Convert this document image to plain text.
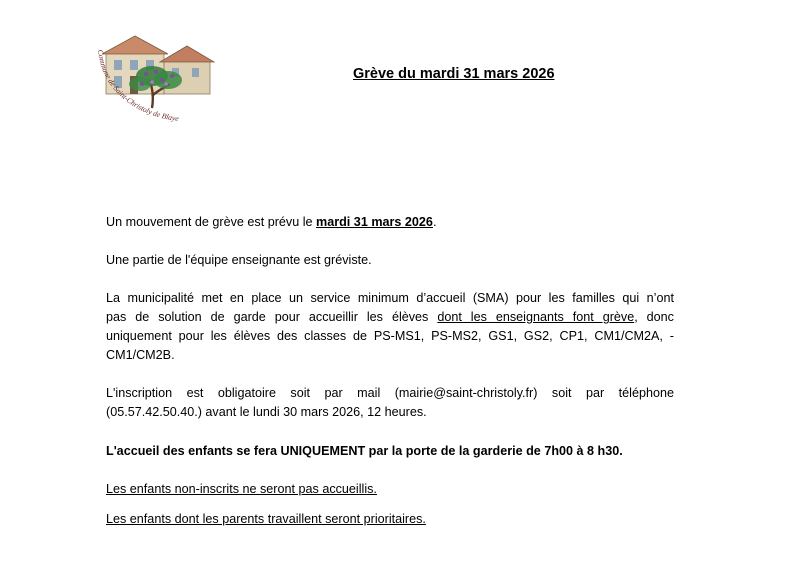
Commune de Saint-Christoly de Blaye
Grève du mardi 31 mars 2026
Un mouvement de grève est prévu le mardi 31 mars 2026.
Une partie de l'équipe enseignante est gréviste.
La municipalité met en place un service minimum d’accueil (SMA) pour les familles qui n’ont
pas de solution de garde pour accueillir les élèves dont les enseignants font grève, donc
uniquement pour les élèves des classes de PS-MS1, PS-MS2, GS1, GS2, CP1, CM1/CM2A, -
CM1/CM2B.
L'inscription est obligatoire soit par mail (mairie@saint-christoly.fr) soit par téléphone
(05.57.42.50.40.) avant le lundi 30 mars 2026, 12 heures.
L'accueil des enfants se fera UNIQUEMENT par la porte de la garderie de 7h00 à 8 h30.
Les enfants non-inscrits ne seront pas accueillis.
Les enfants dont les parents travaillent seront prioritaires.
